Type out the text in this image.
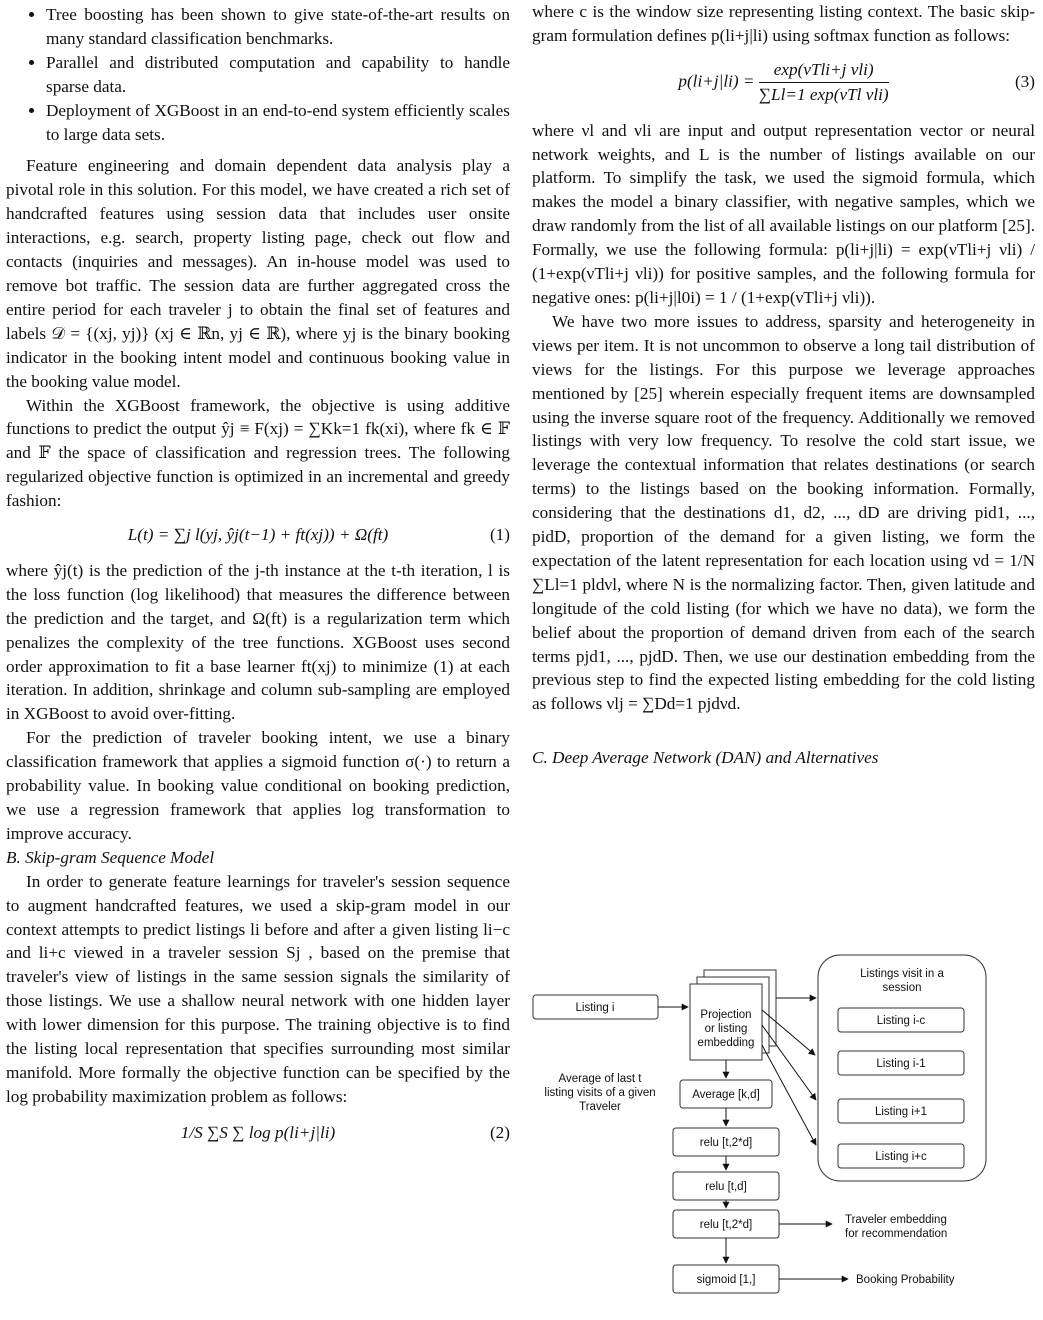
• Tree boosting has been shown to give state-of-the-art results on many standard classification benchmarks.
• Parallel and distributed computation and capability to handle sparse data.
• Deployment of XGBoost in an end-to-end system efficiently scales to large data sets.

Feature engineering and domain dependent data analysis play a pivotal role in this solution. For this model, we have created a rich set of handcrafted features using session data that includes user onsite interactions, e.g. search, property listing page, check out flow and contacts (inquiries and messages). An in-house model was used to remove bot traffic. The session data are further aggregated cross the entire period for each traveler j to obtain the final set of features and labels 𝒟 = {(xj, yj)} (xj ∈ ℝn, yj ∈ ℝ), where yj is the binary booking indicator in the booking intent model and continuous booking value in the booking value model.

Within the XGBoost framework, the objective is using additive functions to predict the output ŷj ≡ F(xj) = ∑Kk=1 fk(xi), where fk ∈ 𝔽 and 𝔽 the space of classification and regression trees. The following regularized objective function is optimized in an incremental and greedy fashion:

L(t) = ∑j l(yj, ŷj(t−1) + ft(xj)) + Ω(ft)	(1)

where ŷj(t) is the prediction of the j-th instance at the t-th iteration, l is the loss function (log likelihood) that measures the difference between the prediction and the target, and Ω(ft) is a regularization term which penalizes the complexity of the tree functions. XGBoost uses second order approximation to fit a base learner ft(xj) to minimize (1) at each iteration. In addition, shrinkage and column sub-sampling are employed in XGBoost to avoid over-fitting.

For the prediction of traveler booking intent, we use a binary classification framework that applies a sigmoid function σ(·) to return a probability value. In booking value conditional on booking prediction, we use a regression framework that applies log transformation to improve accuracy.

B. Skip-gram Sequence Model

In order to generate feature learnings for traveler's session sequence to augment handcrafted features, we used a skip-gram model in our context attempts to predict listings li before and after a given listing li−c and li+c viewed in a traveler session Sj , based on the premise that traveler's view of listings in the same session signals the similarity of those listings. We use a shallow neural network with one hidden layer with lower dimension for this purpose. The training objective is to find the listing local representation that specifies surrounding most similar manifold. More formally the objective function can be specified by the log probability maximization problem as follows:

1/S ∑S ∑ log p(li+j|li)	(2)

where c is the window size representing listing context. The basic skip-gram formulation defines p(li+j|li) using softmax function as follows:

$p(li+j|li) = \frac{\text{exp(νTli+j νli)}}{\text{∑Ll=1 exp(νTl νli)}}$	(3)

where νl and νli are input and output representation vector or neural network weights, and L is the number of listings available on our platform. To simplify the task, we used the sigmoid formula, which makes the model a binary classifier, with negative samples, which we draw randomly from the list of all available listings on our platform [25]. Formally, we use the following formula: p(li+j|li) = exp(νTli+j νli) / (1+exp(νTli+j νli)) for positive samples, and the following formula for negative ones: p(li+j|l0i) = 1 / (1+exp(νTli+j νli)).

We have two more issues to address, sparsity and heterogeneity in views per item. It is not uncommon to observe a long tail distribution of views for the listings. For this purpose we leverage approaches mentioned by [25] wherein especially frequent items are downsampled using the inverse square root of the frequency. Additionally we removed listings with very low frequency. To resolve the cold start issue, we leverage the contextual information that relates destinations (or search terms) to the listings based on the booking information. Formally, considering that the destinations d1, d2, ..., dD are driving pid1, ..., pidD, proportion of the demand for a given listing, we form the expectation of the latent representation for each location using νd = 1/N ∑Ll=1 pldνl, where N is the normalizing factor. Then, given latitude and longitude of the cold listing (for which we have no data), we form the belief about the proportion of demand driven from each of the search terms pjd1, ..., pjdD. Then, we use our destination embedding from the previous step to find the expected listing embedding for the cold listing as follows νlj = ∑Dd=1 pjdνd.

C. Deep Average Network (DAN) and Alternatives

Listing i
Projection
or listing
embedding
Average of last t
listing visits of a given
Traveler
Average [k,d]
relu [t,2*d]
relu [t,d]
relu [t,2*d]	Traveler embedding
for recommendation
sigmoid [1,]	Booking Probability
Listings visit in a
session
Listing i-c
Listing i-1
Listing i+1
Listing i+c
